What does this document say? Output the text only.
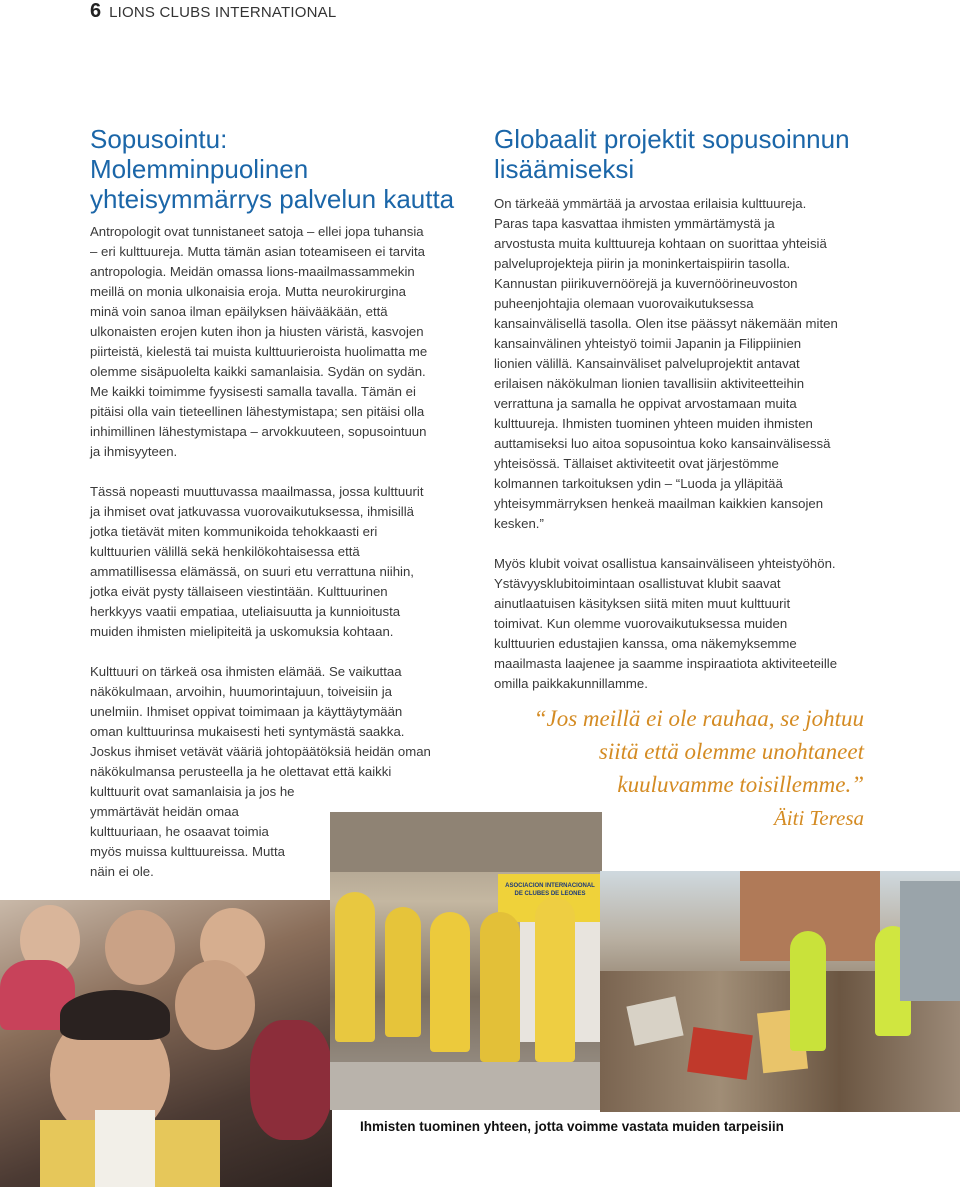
6 LIONS CLUBS INTERNATIONAL
Sopusointu:
Molemminpuolinen
yhteisymmärrys palvelun kautta
Globaalit projektit sopusoinnun
lisäämiseksi

Antropologit ovat tunnistaneet satoja – ellei jopa tuhansia
– eri kulttuureja. Mutta tämän asian toteamiseen ei tarvita
antropologia. Meidän omassa lions-maailmassammekin
meillä on monia ulkonaisia eroja. Mutta neurokirurgina
minä voin sanoa ilman epäilyksen häivääkään, että
ulkonaisten erojen kuten ihon ja hiusten väristä, kasvojen
piirteistä, kielestä tai muista kulttuurieroista huolimatta me
olemme sisäpuolelta kaikki samanlaisia. Sydän on sydän.
Me kaikki toimimme fyysisesti samalla tavalla. Tämän ei
pitäisi olla vain tieteellinen lähestymistapa; sen pitäisi olla
inhimillinen lähestymistapa – arvokkuuteen, sopusointuun
ja ihmisyyteen.

Tässä nopeasti muuttuvassa maailmassa, jossa kulttuurit
ja ihmiset ovat jatkuvassa vuorovaikutuksessa, ihmisillä
jotka tietävät miten kommunikoida tehokkaasti eri
kulttuurien välillä sekä henkilökohtaisessa että
ammatillisessa elämässä, on suuri etu verrattuna niihin,
jotka eivät pysty tällaiseen viestintään. Kulttuurinen
herkkyys vaatii empatiaa, uteliaisuutta ja kunnioitusta
muiden ihmisten mielipiteitä ja uskomuksia kohtaan.

Kulttuuri on tärkeä osa ihmisten elämää. Se vaikuttaa
näkökulmaan, arvoihin, huumorintajuun, toiveisiin ja
unelmiin. Ihmiset oppivat toimimaan ja käyttäytymään
oman kulttuurinsa mukaisesti heti syntymästä saakka.
Joskus ihmiset vetävät vääriä johtopäätöksiä heidän oman
näkökulmansa perusteella ja he olettavat että kaikki
kulttuurit ovat samanlaisia ja jos he
ymmärtävät heidän omaa
kulttuuriaan, he osaavat toimia
myös muissa kulttuureissa. Mutta
näin ei ole.

On tärkeää ymmärtää ja arvostaa erilaisia kulttuureja.
Paras tapa kasvattaa ihmisten ymmärtämystä ja
arvostusta muita kulttuureja kohtaan on suorittaa yhteisiä
palveluprojekteja piirin ja moninkertaispiirin tasolla.
Kannustan piirikuvernöörejä ja kuvernöörineuvoston
puheenjohtajia olemaan vuorovaikutuksessa
kansainvälisellä tasolla. Olen itse päässyt näkemään miten
kansainvälinen yhteistyö toimii Japanin ja Filippiinien
lionien välillä. Kansainväliset palveluprojektit antavat
erilaisen näkökulman lionien tavallisiin aktiviteetteihin
verrattuna ja samalla he oppivat arvostamaan muita
kulttuureja. Ihmisten tuominen yhteen muiden ihmisten
auttamiseksi luo aitoa sopusointua koko kansainvälisessä
yhteisössä. Tällaiset aktiviteetit ovat järjestömme
kolmannen tarkoituksen ydin – “Luoda ja ylläpitää
yhteisymmärryksen henkeä maailman kaikkien kansojen
kesken.”

Myös klubit voivat osallistua kansainväliseen yhteistyöhön.
Ystävyysklubitoimintaan osallistuvat klubit saavat
ainutlaatuisen käsityksen siitä miten muut kulttuurit
toimivat. Kun olemme vuorovaikutuksessa muiden
kulttuurien edustajien kanssa, oma näkemyksemme
maailmasta laajenee ja saamme inspiraatiota aktiviteeteille
omilla paikkakunnillamme.

“Jos meillä ei ole rauhaa, se johtuu
siitä että olemme unohtaneet
kuuluvamme toisillemme.”
Äiti Teresa
ASOCIACION INTERNACIONAL DE CLUBES DE LEONES
Ihmisten tuominen yhteen, jotta voimme vastata muiden tarpeisiin
